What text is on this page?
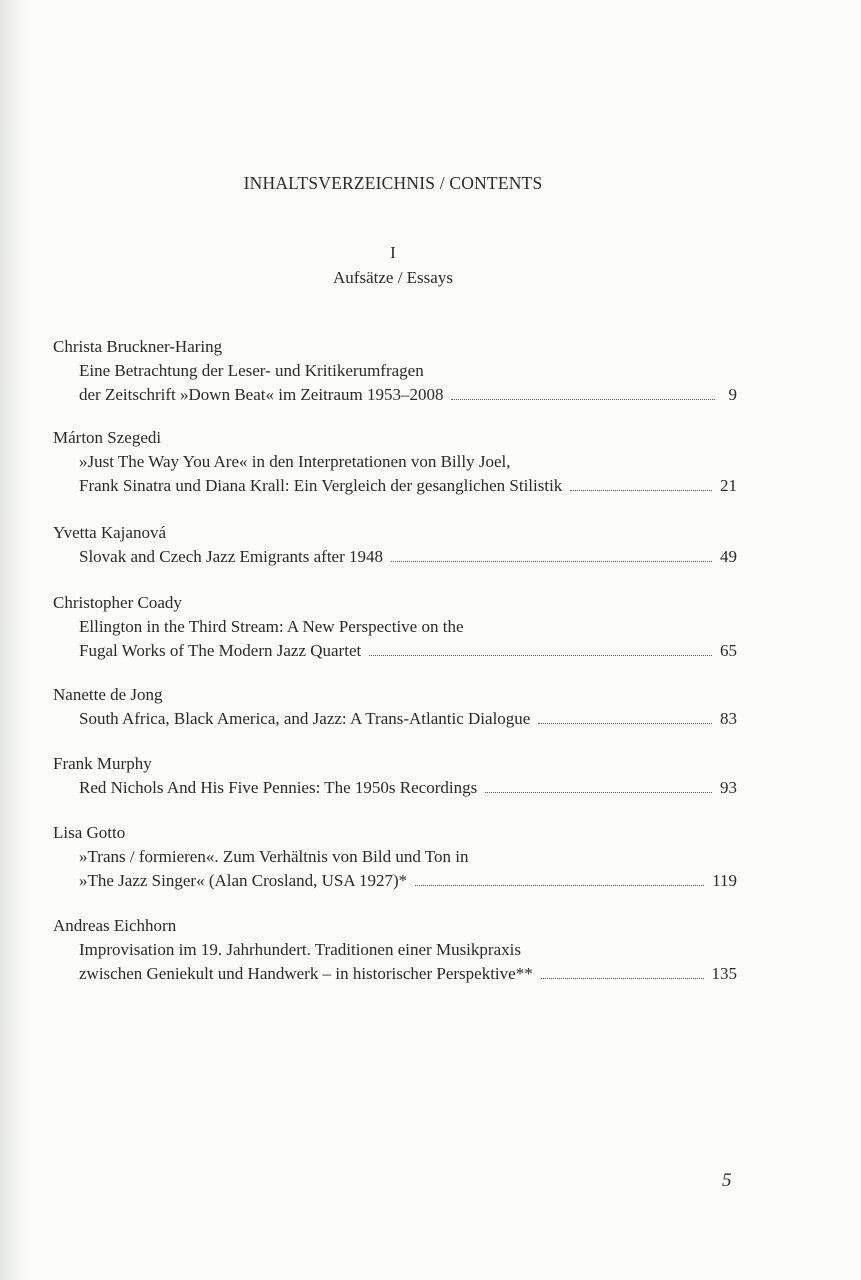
INHALTSVERZEICHNIS / CONTENTS
I
Aufsätze / Essays
Christa Bruckner-Haring
Eine Betrachtung der Leser- und Kritikerumfragen
der Zeitschrift »Down Beat« im Zeitraum 1953–2008	9
Márton Szegedi
»Just The Way You Are« in den Interpretationen von Billy Joel,
Frank Sinatra und Diana Krall: Ein Vergleich der gesanglichen Stilistik	21
Yvetta Kajanová
Slovak and Czech Jazz Emigrants after 1948	49
Christopher Coady
Ellington in the Third Stream: A New Perspective on the
Fugal Works of The Modern Jazz Quartet	65
Nanette de Jong
South Africa, Black America, and Jazz: A Trans-Atlantic Dialogue	83
Frank Murphy
Red Nichols And His Five Pennies: The 1950s Recordings	93
Lisa Gotto
»Trans / formieren«. Zum Verhältnis von Bild und Ton in
»The Jazz Singer« (Alan Crosland, USA 1927)*	119
Andreas Eichhorn
Improvisation im 19. Jahrhundert. Traditionen einer Musikpraxis
zwischen Geniekult und Handwerk – in historischer Perspektive**	135
5
